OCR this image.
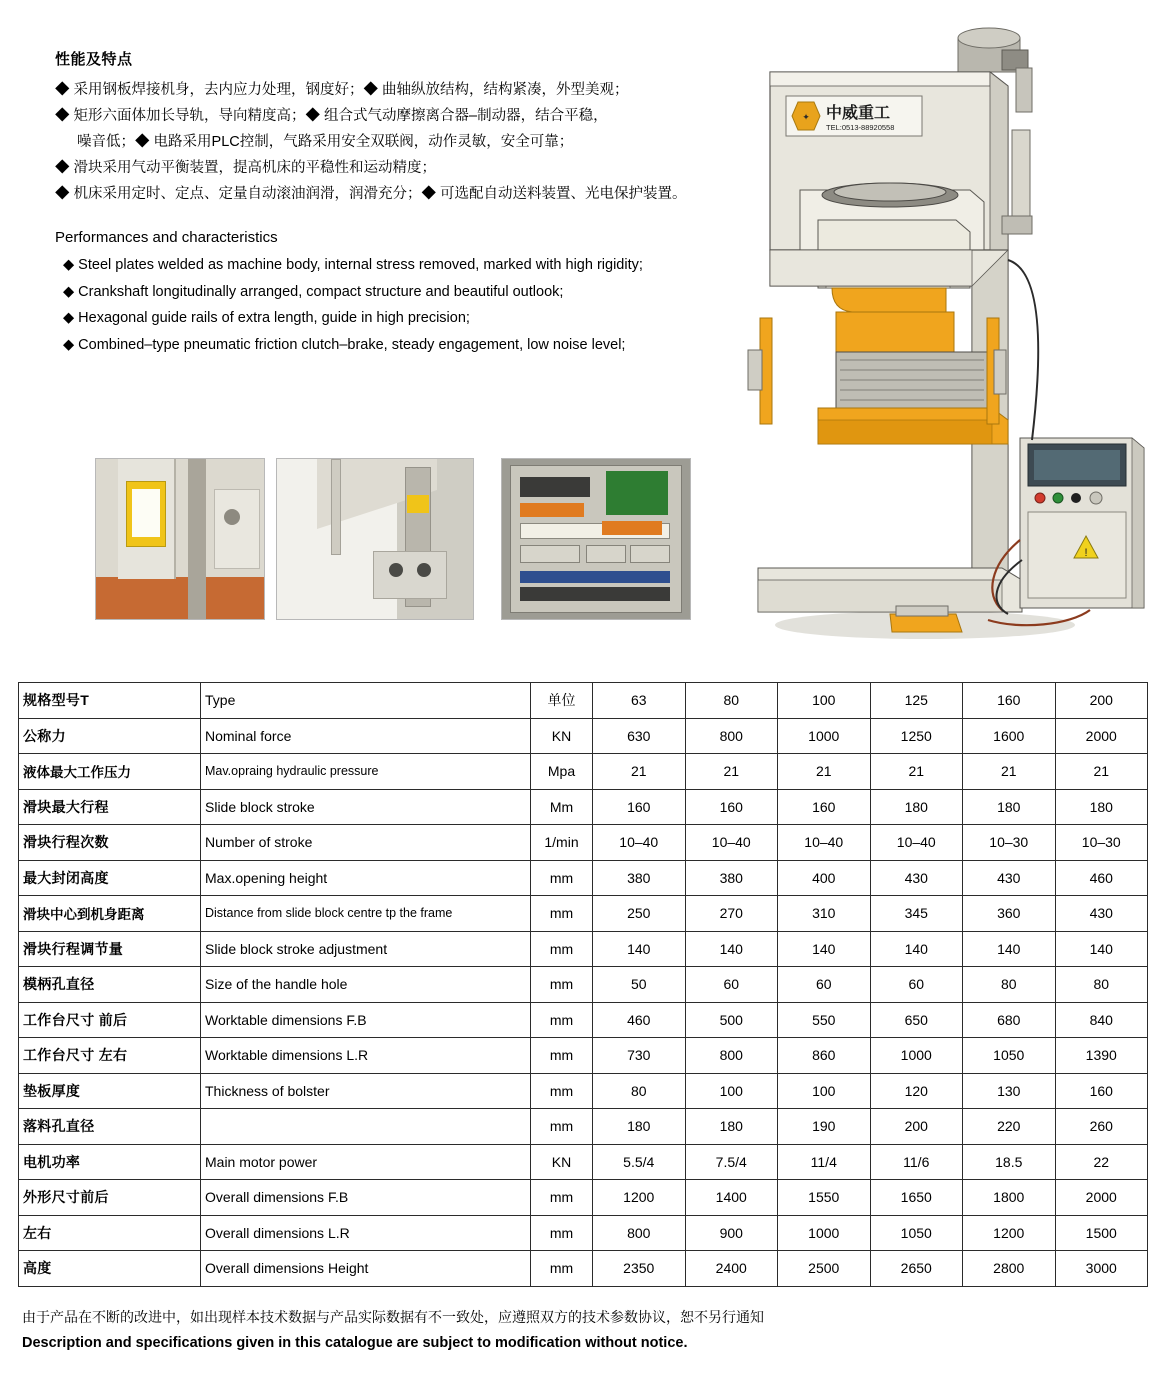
性能及特点
◆ 采用钢板焊接机身，去内应力处理，钢度好；◆ 曲轴纵放结构，结构紧凑，外型美观；
◆ 矩形六面体加长导轨，导向精度高；◆ 组合式气动摩擦离合器–制动器，结合平稳，
噪音低；◆ 电路采用PLC控制，气路采用安全双联阀，动作灵敏，安全可靠；
◆ 滑块采用气动平衡装置，提高机床的平稳性和运动精度；
◆ 机床采用定时、定点、定量自动滚油润滑，润滑充分；◆ 可选配自动送料装置、光电保护装置。
Performances and characteristics
◆ Steel plates welded as machine body, internal stress removed, marked with high rigidity;
◆ Crankshaft longitudinally arranged, compact structure and beautiful outlook;
◆ Hexagonal guide rails of extra length, guide in high precision;
◆ Combined–type pneumatic friction clutch–brake, steady engagement, low noise level;
✦ 中威重工
TEL:0513-88920558
!
规格型号T	Type	单位	63	80	100	125	160	200
公称力	Nominal force	KN	630	800	1000	1250	1600	2000
液体最大工作压力	Mav.opraing hydraulic pressure	Mpa	21	21	21	21	21	21
滑块最大行程	Slide block stroke	Mm	160	160	160	180	180	180
滑块行程次数	Number of stroke	1/min	10–40	10–40	10–40	10–40	10–30	10–30
最大封闭高度	Max.opening height	mm	380	380	400	430	430	460
滑块中心到机身距离	Distance from slide block centre tp the frame	mm	250	270	310	345	360	430
滑块行程调节量	Slide block stroke adjustment	mm	140	140	140	140	140	140
模柄孔直径	Size of the handle hole	mm	50	60	60	60	80	80
工作台尺寸 前后	Worktable dimensions F.B	mm	460	500	550	650	680	840
工作台尺寸 左右	Worktable dimensions L.R	mm	730	800	860	1000	1050	1390
垫板厚度	Thickness of bolster	mm	80	100	100	120	130	160
落料孔直径		mm	180	180	190	200	220	260
电机功率	Main motor power	KN	5.5/4	7.5/4	11/4	11/6	18.5	22
外形尺寸前后	Overall dimensions F.B	mm	1200	1400	1550	1650	1800	2000
左右	Overall dimensions L.R	mm	800	900	1000	1050	1200	1500
高度	Overall dimensions Height	mm	2350	2400	2500	2650	2800	3000
由于产品在不断的改进中，如出现样本技术数据与产品实际数据有不一致处，应遵照双方的技术参数协议，恕不另行通知
Description and specifications given in this catalogue are subject to modification without notice.
